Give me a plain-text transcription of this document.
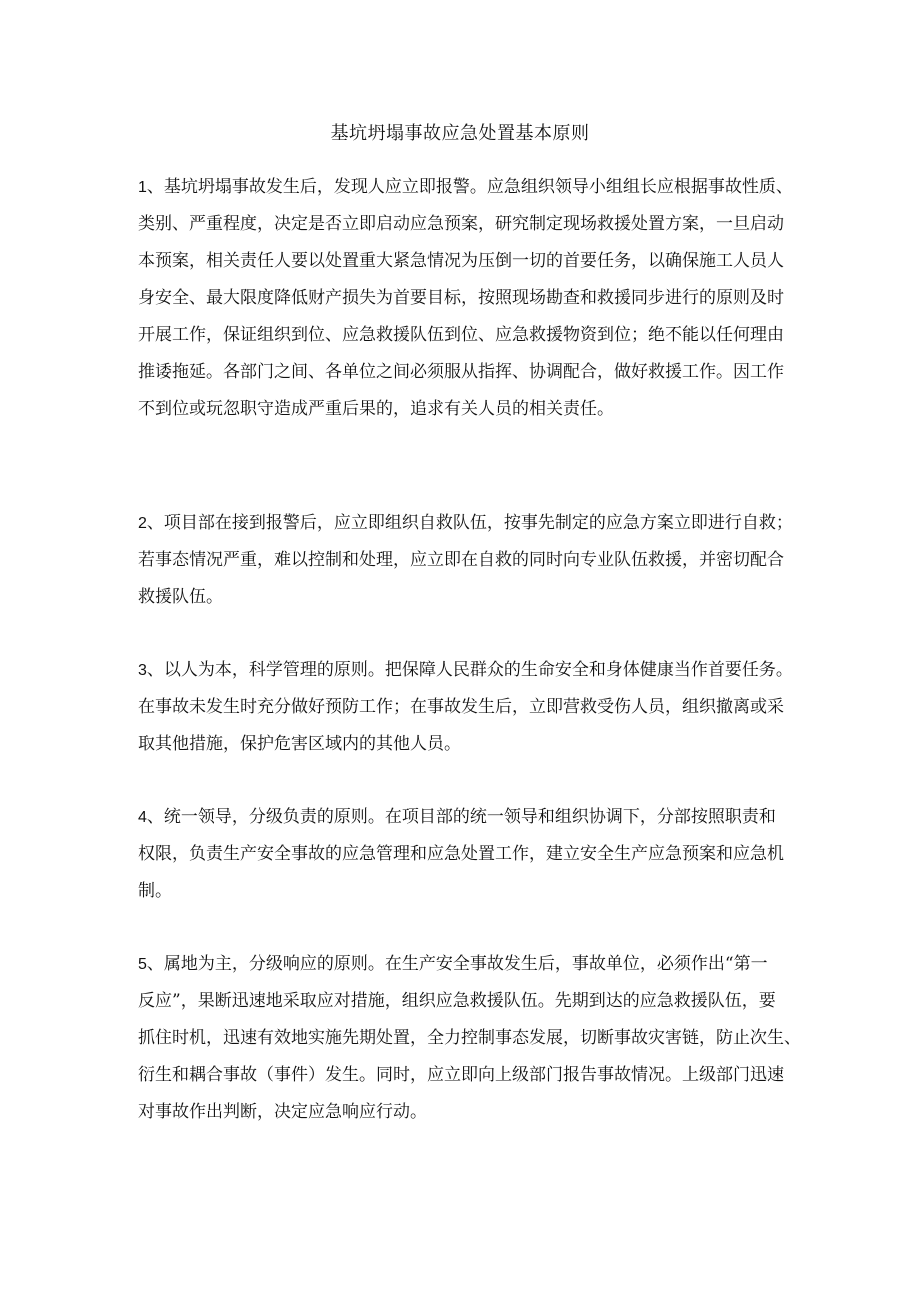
基坑坍塌事故应急处置基本原则
1、基坑坍塌事故发生后，发现人应立即报警。应急组织领导小组组长应根据事故性质、
类别、严重程度，决定是否立即启动应急预案，研究制定现场救援处置方案，一旦启动
本预案，相关责任人要以处置重大紧急情况为压倒一切的首要任务，以确保施工人员人
身安全、最大限度降低财产损失为首要目标，按照现场勘查和救援同步进行的原则及时
开展工作，保证组织到位、应急救援队伍到位、应急救援物资到位；绝不能以任何理由
推诿拖延。各部门之间、各单位之间必须服从指挥、协调配合，做好救援工作。因工作
不到位或玩忽职守造成严重后果的，追求有关人员的相关责任。
2、项目部在接到报警后，应立即组织自救队伍，按事先制定的应急方案立即进行自救；
若事态情况严重，难以控制和处理，应立即在自救的同时向专业队伍救援，并密切配合
救援队伍。
3、以人为本，科学管理的原则。把保障人民群众的生命安全和身体健康当作首要任务。
在事故未发生时充分做好预防工作；在事故发生后，立即营救受伤人员，组织撤离或采
取其他措施，保护危害区域内的其他人员。
4、统一领导，分级负责的原则。在项目部的统一领导和组织协调下，分部按照职责和
权限，负责生产安全事故的应急管理和应急处置工作，建立安全生产应急预案和应急机
制。
5、属地为主，分级响应的原则。在生产安全事故发生后，事故单位，必须作出“第一
反应”，果断迅速地采取应对措施，组织应急救援队伍。先期到达的应急救援队伍，要
抓住时机，迅速有效地实施先期处置，全力控制事态发展，切断事故灾害链，防止次生、
衍生和耦合事故（事件）发生。同时，应立即向上级部门报告事故情况。上级部门迅速
对事故作出判断，决定应急响应行动。
